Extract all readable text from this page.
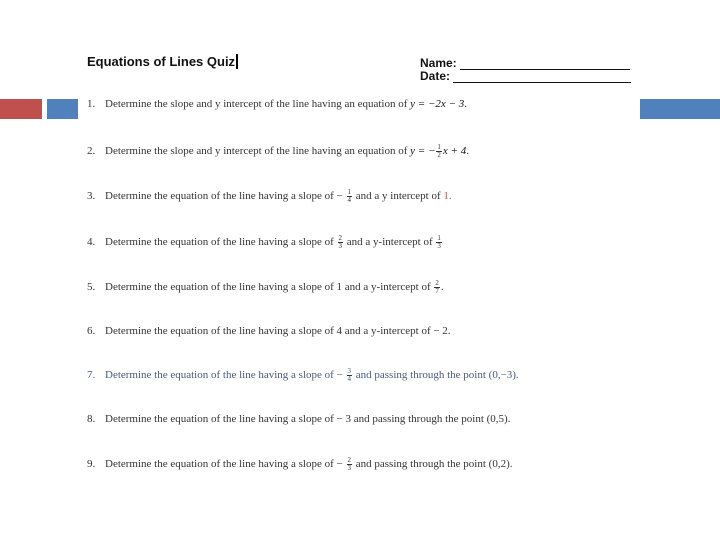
Equations of Lines Quiz	Name:
Date:
1. Determine the slope and y intercept of the line having an equation of y = −2x − 3.
2. Determine the slope and y intercept of the line having an equation of y = − $\frac{1}{2}$ x + 4.
3. Determine the equation of the line having a slope of − $\frac{1}{4}$ and a y intercept of 1.
4. Determine the equation of the line having a slope of $\frac{2}{3}$ and a y-intercept of $\frac{1}{3}$
5. Determine the equation of the line having a slope of 1 and a y-intercept of $\frac{2}{7}$ .
6. Determine the equation of the line having a slope of 4 and a y-intercept of − 2.
7. Determine the equation of the line having a slope of − $\frac{3}{4}$ and passing through the point (0,−3).
8. Determine the equation of the line having a slope of − 3 and passing through the point (0,5).
9. Determine the equation of the line having a slope of − $\frac{2}{3}$ and passing through the point (0,2).
